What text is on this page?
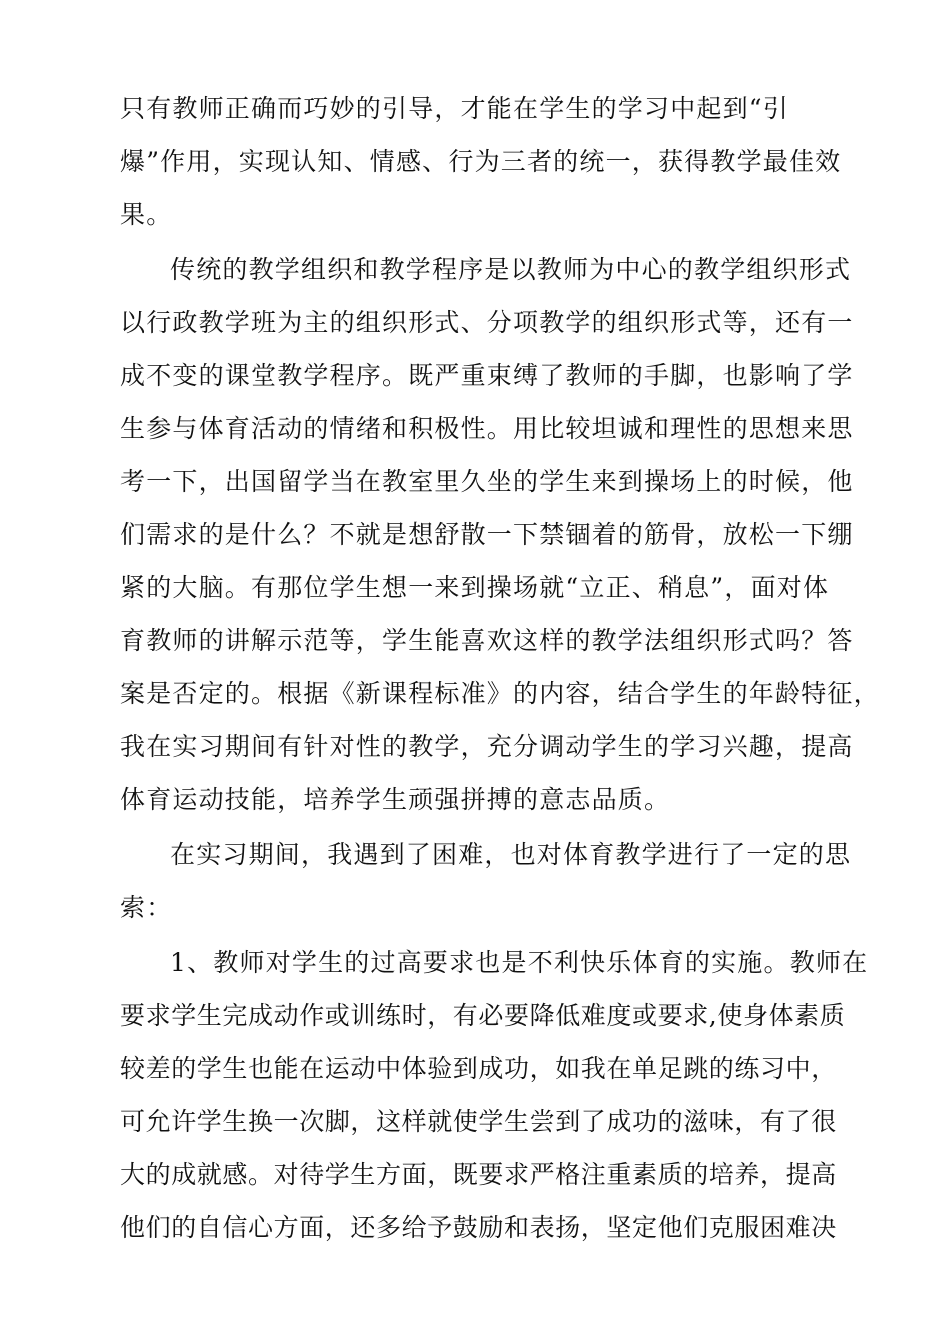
只有教师正确而巧妙的引导，才能在学生的学习中起到“引

爆”作用，实现认知、情感、行为三者的统一，获得教学最佳效

果。

传统的教学组织和教学程序是以教师为中心的教学组织形式

以行政教学班为主的组织形式、分项教学的组织形式等，还有一

成不变的课堂教学程序。既严重束缚了教师的手脚，也影响了学

生参与体育活动的情绪和积极性。用比较坦诚和理性的思想来思

考一下，出国留学当在教室里久坐的学生来到操场上的时候，他

们需求的是什么？不就是想舒散一下禁锢着的筋骨，放松一下绷

紧的大脑。有那位学生想一来到操场就“立正、稍息”，面对体

育教师的讲解示范等，学生能喜欢这样的教学法组织形式吗？答

案是否定的。根据《新课程标准》的内容，结合学生的年龄特征，

我在实习期间有针对性的教学，充分调动学生的学习兴趣，提高

体育运动技能，培养学生顽强拼搏的意志品质。

在实习期间，我遇到了困难，也对体育教学进行了一定的思

索：

1、教师对学生的过高要求也是不利快乐体育的实施。教师在

要求学生完成动作或训练时，有必要降低难度或要求,使身体素质

较差的学生也能在运动中体验到成功，如我在单足跳的练习中，

可允许学生换一次脚，这样就使学生尝到了成功的滋味，有了很

大的成就感。对待学生方面，既要求严格注重素质的培养，提高

他们的自信心方面，还多给予鼓励和表扬，坚定他们克服困难决
